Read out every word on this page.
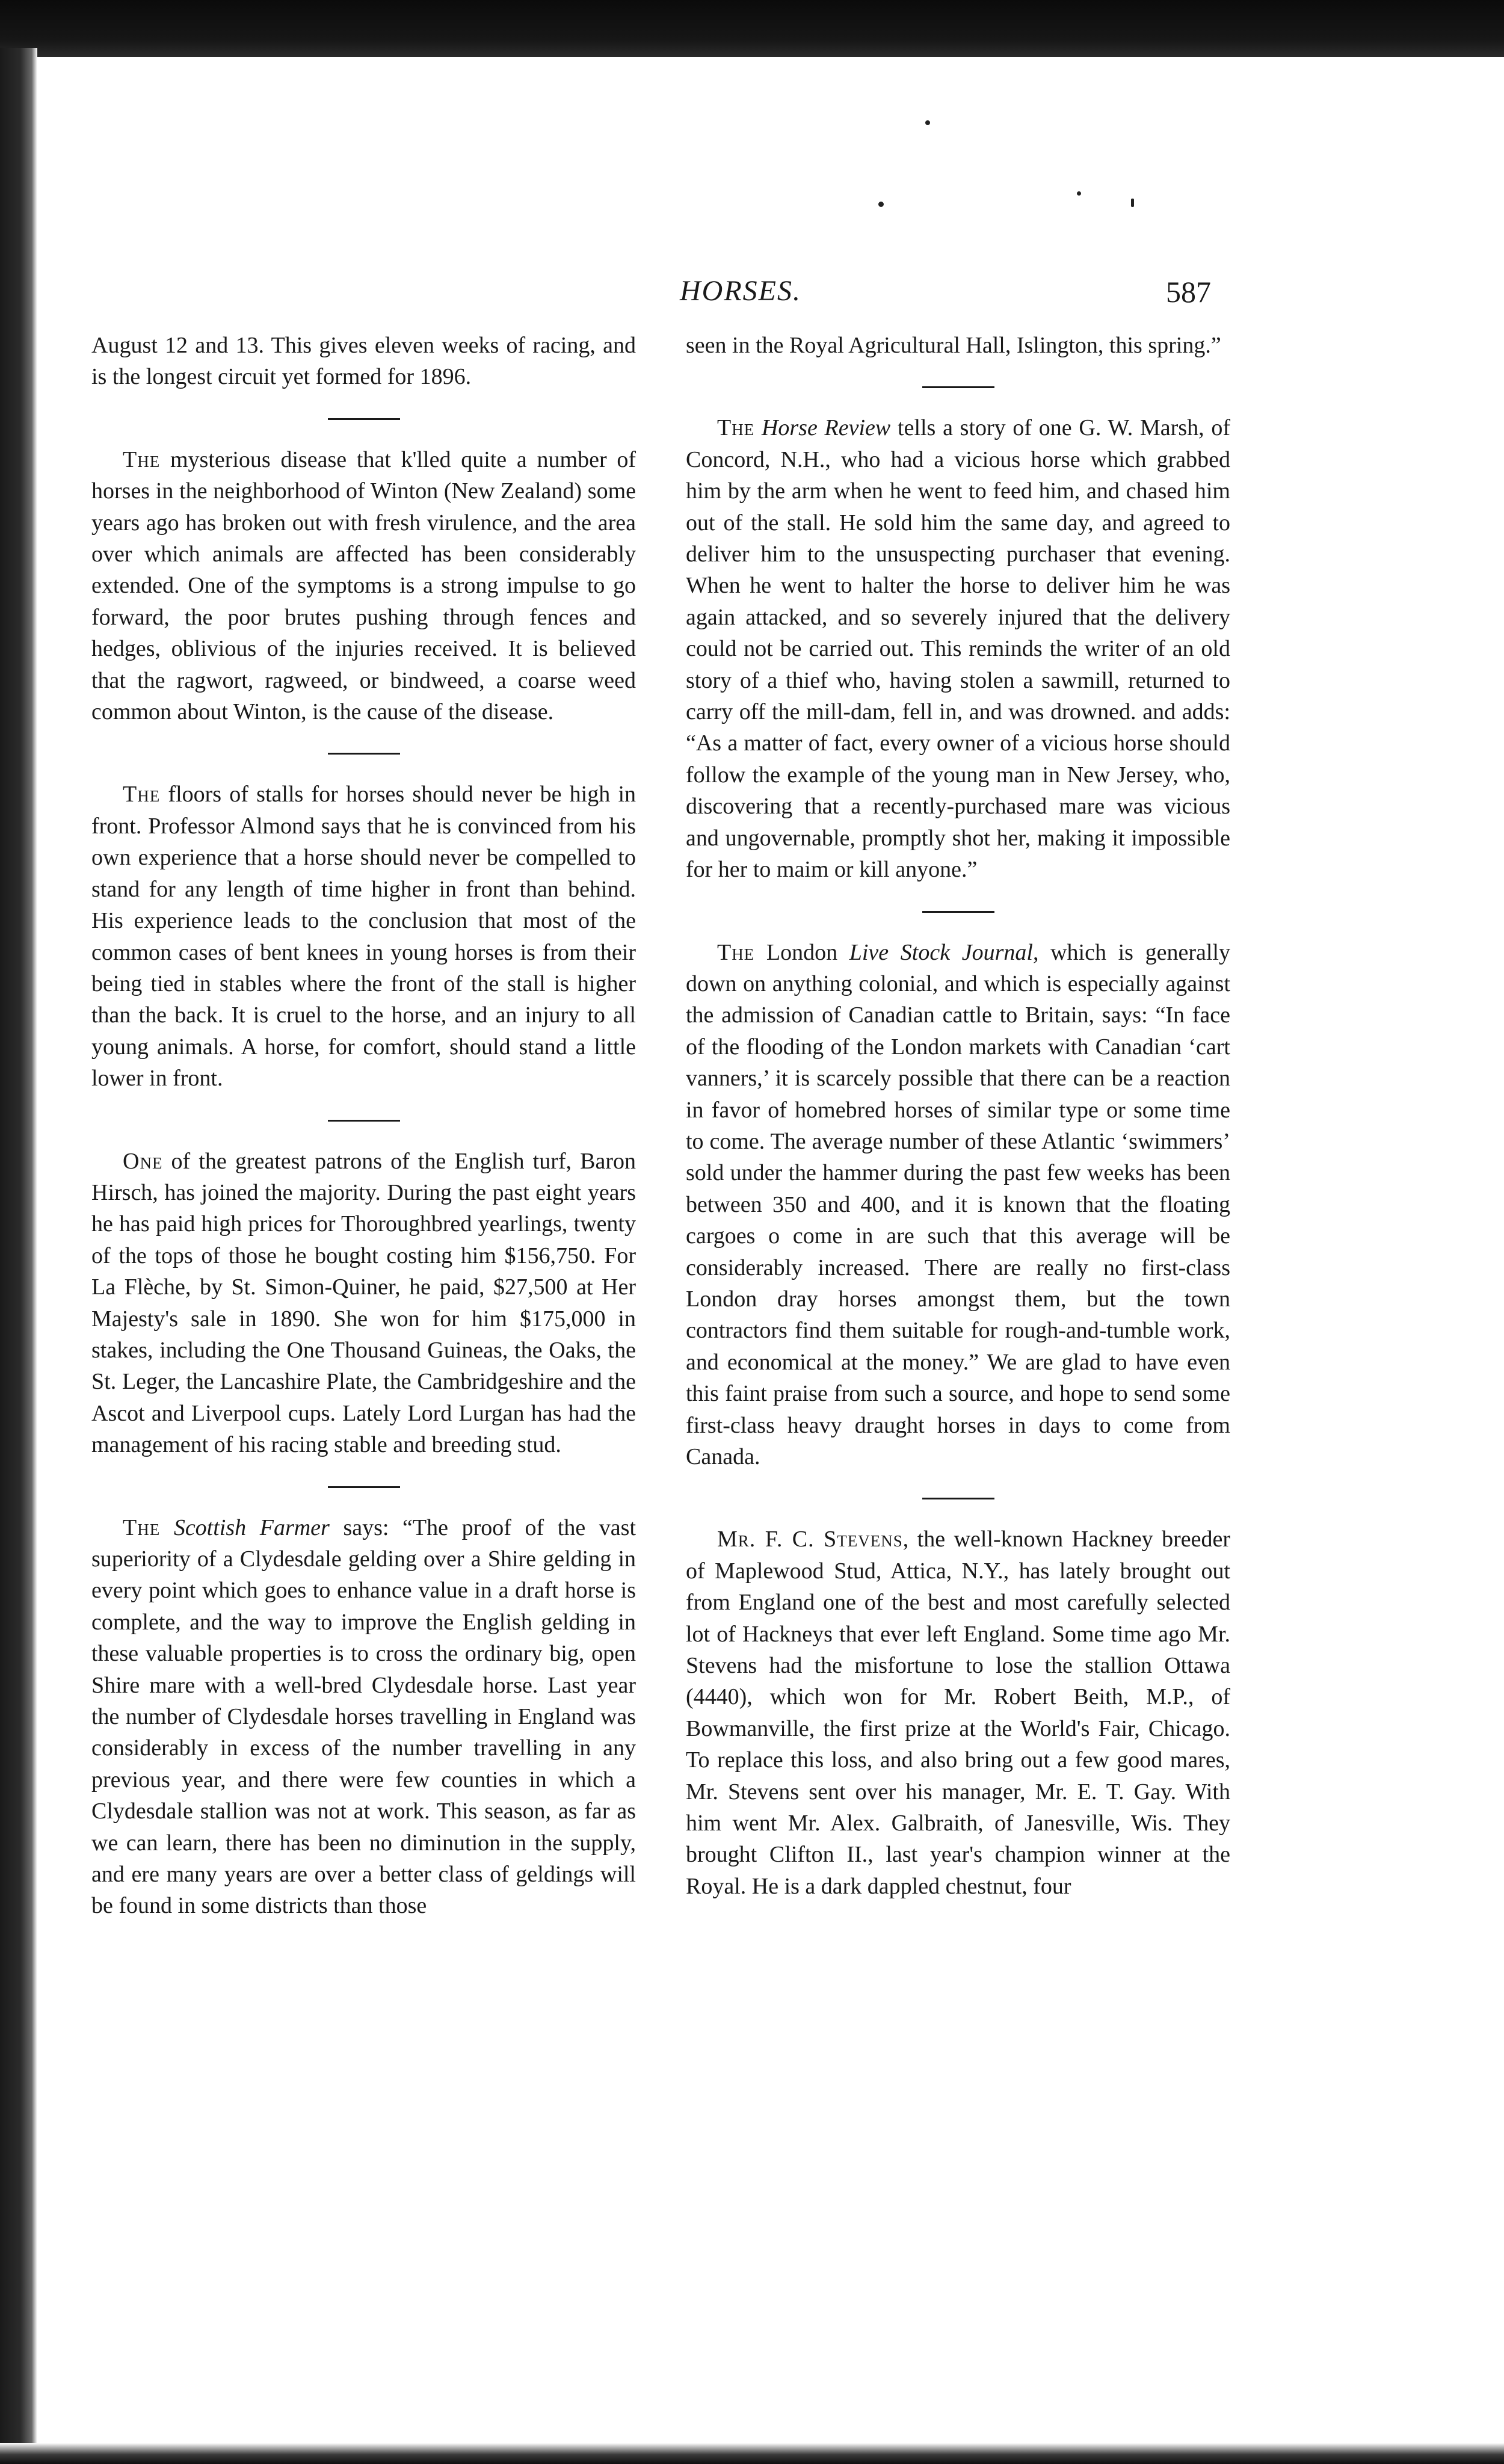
HORSES.	587

August 12 and 13. This gives eleven weeks of racing, and is the longest circuit yet formed for 1896.

The mysterious disease that k'lled quite a number of horses in the neighborhood of Winton (New Zealand) some years ago has broken out with fresh virulence, and the area over which animals are affected has been considerably extended. One of the symptoms is a strong impulse to go forward, the poor brutes pushing through fences and hedges, oblivious of the injuries received. It is believed that the ragwort, ragweed, or bindweed, a coarse weed common about Winton, is the cause of the disease.

The floors of stalls for horses should never be high in front. Professor Almond says that he is convinced from his own experience that a horse should never be compelled to stand for any length of time higher in front than behind. His experience leads to the conclusion that most of the common cases of bent knees in young horses is from their being tied in stables where the front of the stall is higher than the back. It is cruel to the horse, and an injury to all young animals. A horse, for comfort, should stand a little lower in front.

One of the greatest patrons of the English turf, Baron Hirsch, has joined the majority. During the past eight years he has paid high prices for Thoroughbred yearlings, twenty of the tops of those he bought costing him $156,750. For La Flèche, by St. Simon-Quiner, he paid, $27,500 at Her Majesty's sale in 1890. She won for him $175,000 in stakes, including the One Thousand Guineas, the Oaks, the St. Leger, the Lancashire Plate, the Cambridgeshire and the Ascot and Liverpool cups. Lately Lord Lurgan has had the management of his racing stable and breeding stud.

The Scottish Farmer says: “The proof of the vast superiority of a Clydesdale gelding over a Shire gelding in every point which goes to enhance value in a draft horse is complete, and the way to improve the English gelding in these valuable properties is to cross the ordinary big, open Shire mare with a well-bred Clydesdale horse. Last year the number of Clydesdale horses travelling in England was considerably in excess of the number travelling in any previous year, and there were few counties in which a Clydesdale stallion was not at work. This season, as far as we can learn, there has been no diminution in the supply, and ere many years are over a better class of geldings will be found in some districts than those

seen in the Royal Agricultural Hall, Islington, this spring.”

The Horse Review tells a story of one G. W. Marsh, of Concord, N.H., who had a vicious horse which grabbed him by the arm when he went to feed him, and chased him out of the stall. He sold him the same day, and agreed to deliver him to the unsuspecting purchaser that evening. When he went to halter the horse to deliver him he was again attacked, and so severely injured that the delivery could not be carried out. This reminds the writer of an old story of a thief who, having stolen a sawmill, returned to carry off the mill-dam, fell in, and was drowned. and adds: “As a matter of fact, every owner of a vicious horse should follow the example of the young man in New Jersey, who, discovering that a recently-purchased mare was vicious and ungovernable, promptly shot her, making it impossible for her to maim or kill anyone.”

The London Live Stock Journal, which is generally down on anything colonial, and which is especially against the admission of Canadian cattle to Britain, says: “In face of the flooding of the London markets with Canadian ‘cart vanners,’ it is scarcely possible that there can be a reaction in favor of homebred horses of similar type or some time to come. The average number of these Atlantic ‘swimmers’ sold under the hammer during the past few weeks has been between 350 and 400, and it is known that the floating cargoes o come in are such that this average will be considerably increased. There are really no first-class London dray horses amongst them, but the town contractors find them suitable for rough-and-tumble work, and economical at the money.” We are glad to have even this faint praise from such a source, and hope to send some first-class heavy draught horses in days to come from Canada.

Mr. F. C. Stevens, the well-known Hackney breeder of Maplewood Stud, Attica, N.Y., has lately brought out from England one of the best and most carefully selected lot of Hackneys that ever left England. Some time ago Mr. Stevens had the misfortune to lose the stallion Ottawa (4440), which won for Mr. Robert Beith, M.P., of Bowmanville, the first prize at the World's Fair, Chicago. To replace this loss, and also bring out a few good mares, Mr. Stevens sent over his manager, Mr. E. T. Gay. With him went Mr. Alex. Galbraith, of Janesville, Wis. They brought Clifton II., last year's champion winner at the Royal. He is a dark dappled chestnut, four
